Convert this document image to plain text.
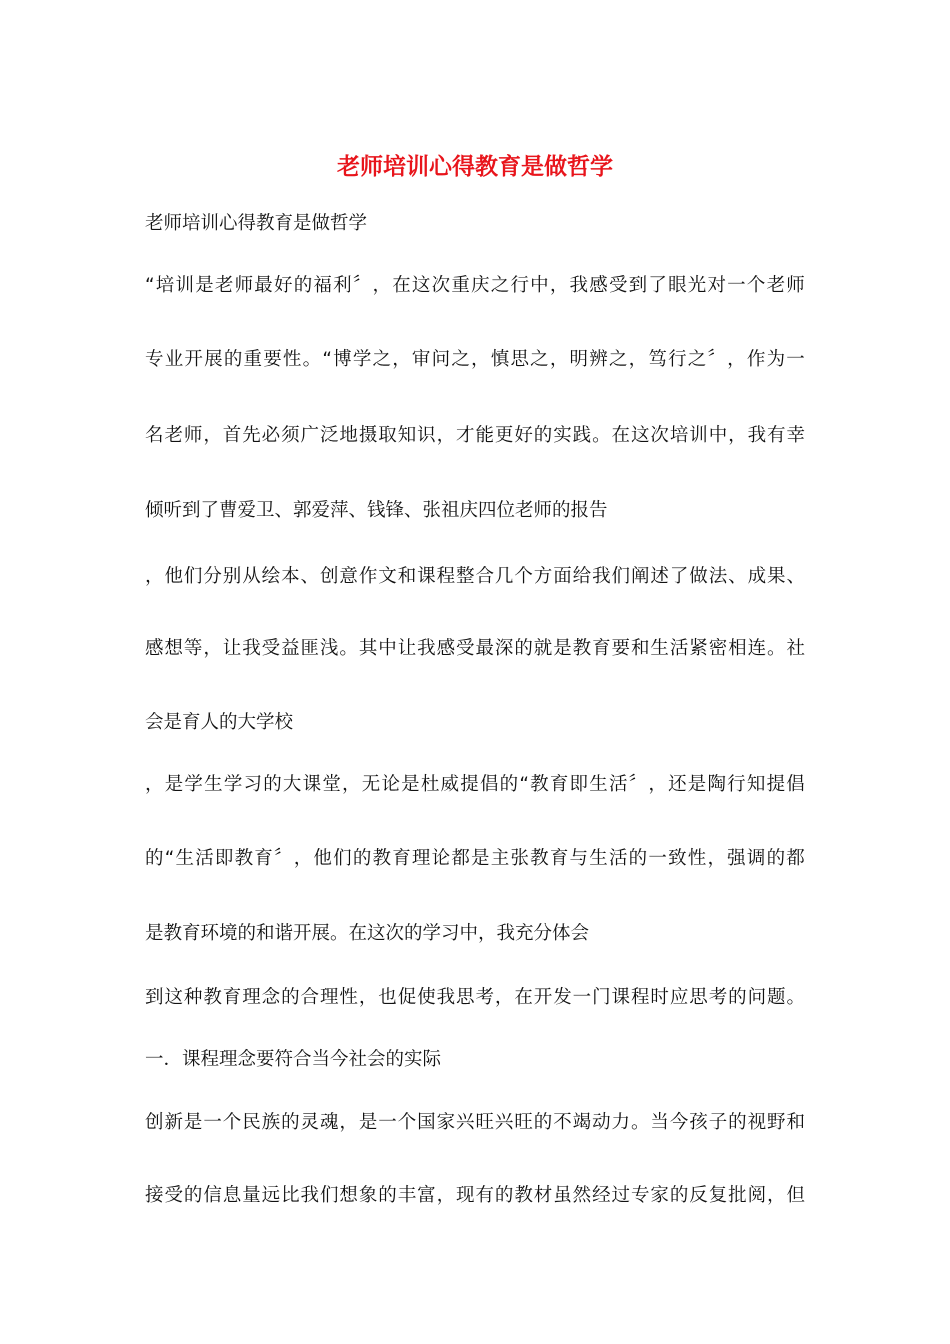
老师培训心得教育是做哲学
老师培训心得教育是做哲学
“ 培 训 是 老 师 最 好 的 福 利 〞 ， 在 这 次 重 庆 之 行 中 ， 我 感 受 到 了 眼 光 对 一 个 老 师
专 业 开 展 的 重 要 性 。 “ 博 学 之 ， 审 问 之 ， 慎 思 之 ， 明 辨 之 ， 笃 行 之 〞 ， 作 为 一
名 老 师 ， 首 先 必 须 广 泛 地 摄 取 知 识 ， 才 能 更 好 的 实 践 。 在 这 次 培 训 中 ， 我 有 幸
倾听到了曹爱卫、郭爱萍、钱锋、张祖庆四位老师的报告
， 他 们 分 别 从 绘 本 、 创 意 作 文 和 课 程 整 合 几 个 方 面 给 我 们 阐 述 了 做 法 、 成 果 、
感 想 等 ， 让 我 受 益 匪 浅 。 其 中 让 我 感 受 最 深 的 就 是 教 育 要 和 生 活 紧 密 相 连 。 社
会是育人的大学校
， 是 学 生 学 习 的 大 课 堂 ， 无 论 是 杜 威 提 倡 的 “ 教 育 即 生 活 〞 ， 还 是 陶 行 知 提 倡
的 “ 生 活 即 教 育 〞 ， 他 们 的 教 育 理 论 都 是 主 张 教 育 与 生 活 的 一 致 性 ， 强 调 的 都
是教育环境的和谐开展。在这次的学习中，我充分体会
到 这 种 教 育 理 念 的 合 理 性 ， 也 促 使 我 思 考 ， 在 开 发 一 门 课 程 时 应 思 考 的 问 题 。
一．课程理念要符合当今社会的实际
创 新 是 一 个 民 族 的 灵 魂 ， 是 一 个 国 家 兴 旺 兴 旺 的 不 竭 动 力 。 当 今 孩 子 的 视 野 和
接 受 的 信 息 量 远 比 我 们 想 象 的 丰 富 ， 现 有 的 教 材 虽 然 经 过 专 家 的 反 复 批 阅 ， 但
